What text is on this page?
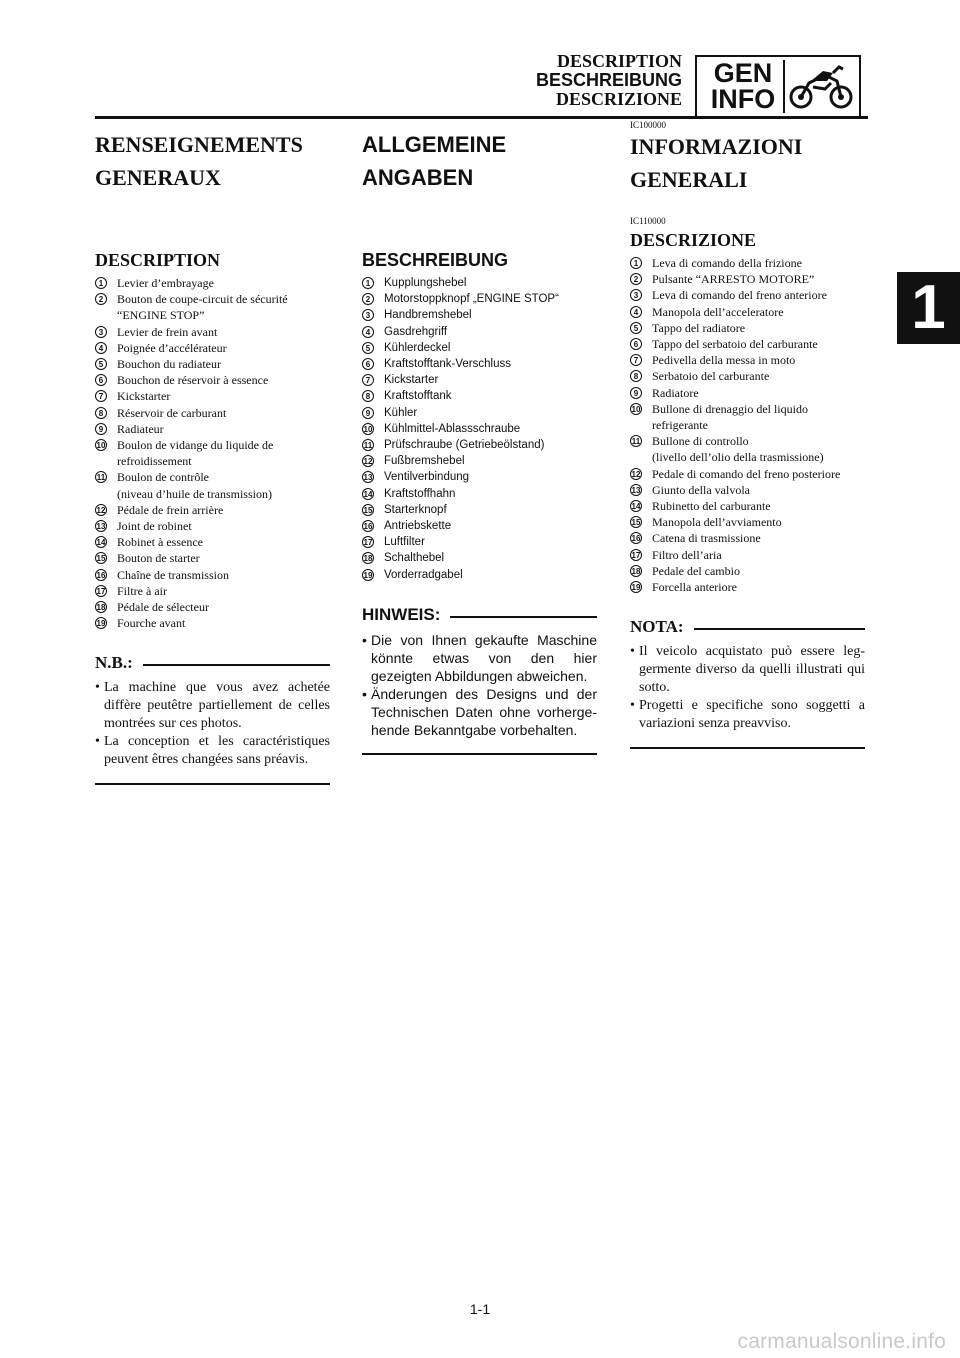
DESCRIPTION
BESCHREIBUNG
DESCRIZIONE
GEN
INFO
RENSEIGNEMENTS
GENERAUX
DESCRIPTION
1	Levier d’embrayage
2	Bouton de coupe-circuit de sécurité
“ENGINE STOP”
3	Levier de frein avant
4	Poignée d’accélérateur
5	Bouchon du radiateur
6	Bouchon de réservoir à essence
7	Kickstarter
8	Réservoir de carburant
9	Radiateur
10 Boulon de vidange du liquide de
refroidissement
11 Boulon de contrôle
(niveau d’huile de transmission)
12 Pédale de frein arrière
13 Joint de robinet
14 Robinet à essence
15 Bouton de starter
16 Chaîne de transmission
17 Filtre à air
18 Pédale de sélecteur
19 Fourche avant
N.B.:
• La machine que vous avez achetée diffère peutêtre partiellement de celles montrées sur ces photos.
• La conception et les caractéristiques peuvent êtres changées sans préavis.
ALLGEMEINE
ANGABEN
BESCHREIBUNG
1	Kupplungshebel
2	Motorstoppknopf „ENGINE STOP“
3	Handbremshebel
4	Gasdrehgriff
5	Kühlerdeckel
6	Kraftstofftank-Verschluss
7	Kickstarter
8	Kraftstofftank
9	Kühler
10 Kühlmittel-Ablassschraube
11 Prüfschraube (Getriebeölstand)
12 Fußbremshebel
13 Ventilverbindung
14 Kraftstoffhahn
15 Starterknopf
16 Antriebskette
17 Luftfilter
18 Schalthebel
19 Vorderradgabel
HINWEIS:
• Die von Ihnen gekaufte Maschine könnte etwas von den hier gezeigten Abbildungen abweichen.
• Änderungen des Designs und der Technischen Daten ohne vorhergehende Bekanntgabe vorbehalten.
IC100000
INFORMAZIONI
GENERALI
IC110000
DESCRIZIONE
1	Leva di comando della frizione
2	Pulsante “ARRESTO MOTORE”
3	Leva di comando del freno anteriore
4	Manopola dell’acceleratore
5	Tappo del radiatore
6	Tappo del serbatoio del carburante
7	Pedivella della messa in moto
8	Serbatoio del carburante
9	Radiatore
10 Bullone di drenaggio del liquido
refrigerante
11 Bullone di controllo
(livello dell’olio della trasmissione)
12 Pedale di comando del freno posteriore
13 Giunto della valvola
14 Rubinetto del carburante
15 Manopola dell’avviamento
16 Catena di trasmissione
17 Filtro dell’aria
18 Pedale del cambio
19 Forcella anteriore
NOTA:
• Il veicolo acquistato può essere leggermente diverso da quelli illustrati qui sotto.
• Progetti e specifiche sono soggetti a variazioni senza preavviso.
1
1-1
carmanualsonline.info
